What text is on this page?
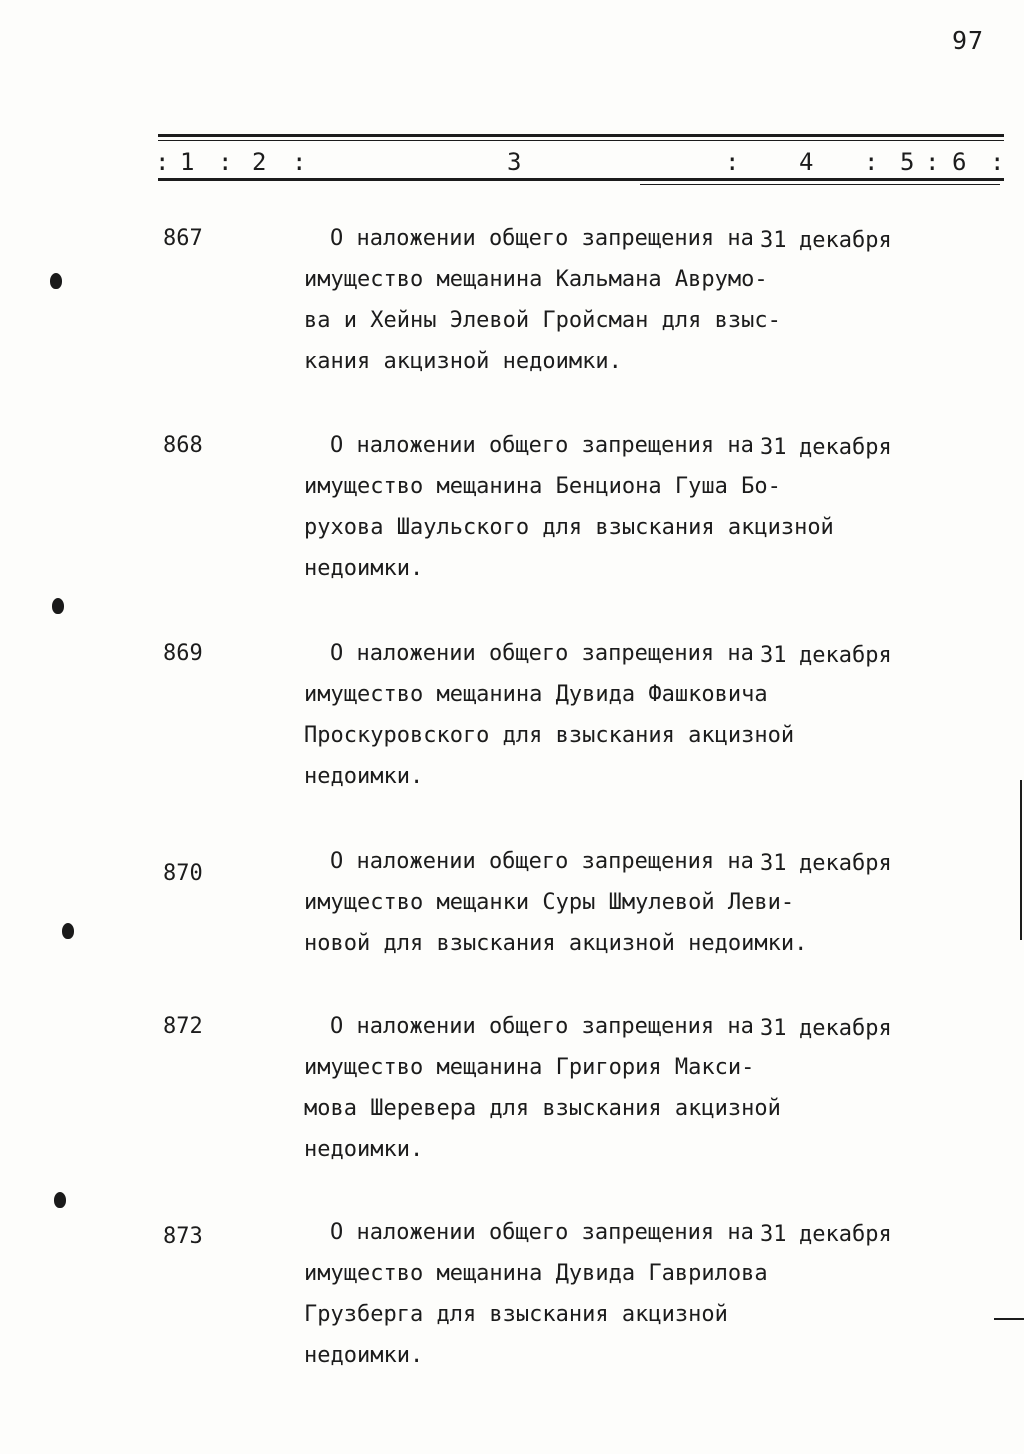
97
: 1 : 2 :	3	: 4 : 5 : 6 :
867	О наложении общего запрещения на
имущество мещанина Кальмана Аврумо-
ва и Хейны Элевой Гройсман для взыс-
кания акцизной недоимки.
31 декабря
868	О наложении общего запрещения на
имущество мещанина Бенциона Гуша Бо-
рухова Шаульского для взыскания акцизной
недоимки.
31 декабря
869	О наложении общего запрещения на
имущество мещанина Дувида Фашковича
Проскуровского для взыскания акцизной
недоимки.
31 декабря
870	О наложении общего запрещения на
имущество мещанки Суры Шмулевой Леви-
новой для взыскания акцизной недоимки.
31 декабря
872	О наложении общего запрещения на
имущество мещанина Григория Макси-
мова Шеревера для взыскания акцизной
недоимки.
31 декабря
873	О наложении общего запрещения на
имущество мещанина Дувида Гаврилова
Грузберга для взыскания акцизной
недоимки.
31 декабря
